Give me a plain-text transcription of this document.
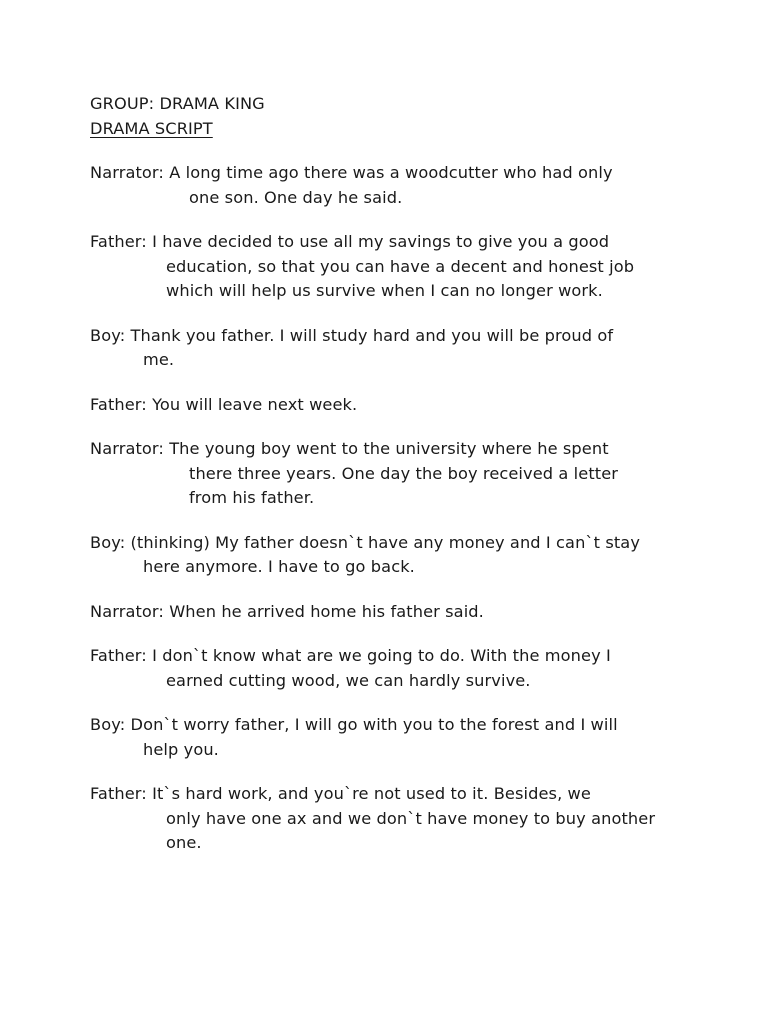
GROUP: DRAMA KING
DRAMA SCRIPT
Narrator: A long time ago there was a woodcutter who had only
one son. One day he said.
Father: I have decided to use all my savings to give you a good
education, so that you can have a decent and honest job
which will help us survive when I can no longer work.
Boy: Thank you father. I will study hard and you will be proud of
me.
Father: You will leave next week.
Narrator: The young boy went to the university where he spent
there three years. One day the boy received a letter
from his father.
Boy: (thinking) My father doesn`t have any money and I can`t stay
here anymore. I have to go back.
Narrator: When he arrived home his father said.
Father: I don`t know what are we going to do. With the money I
earned cutting wood, we can hardly survive.
Boy: Don`t worry father, I will go with you to the forest and I will
help you.
Father: It`s hard work, and you`re not used to it. Besides, we
only have one ax and we don`t have money to buy another
one.
